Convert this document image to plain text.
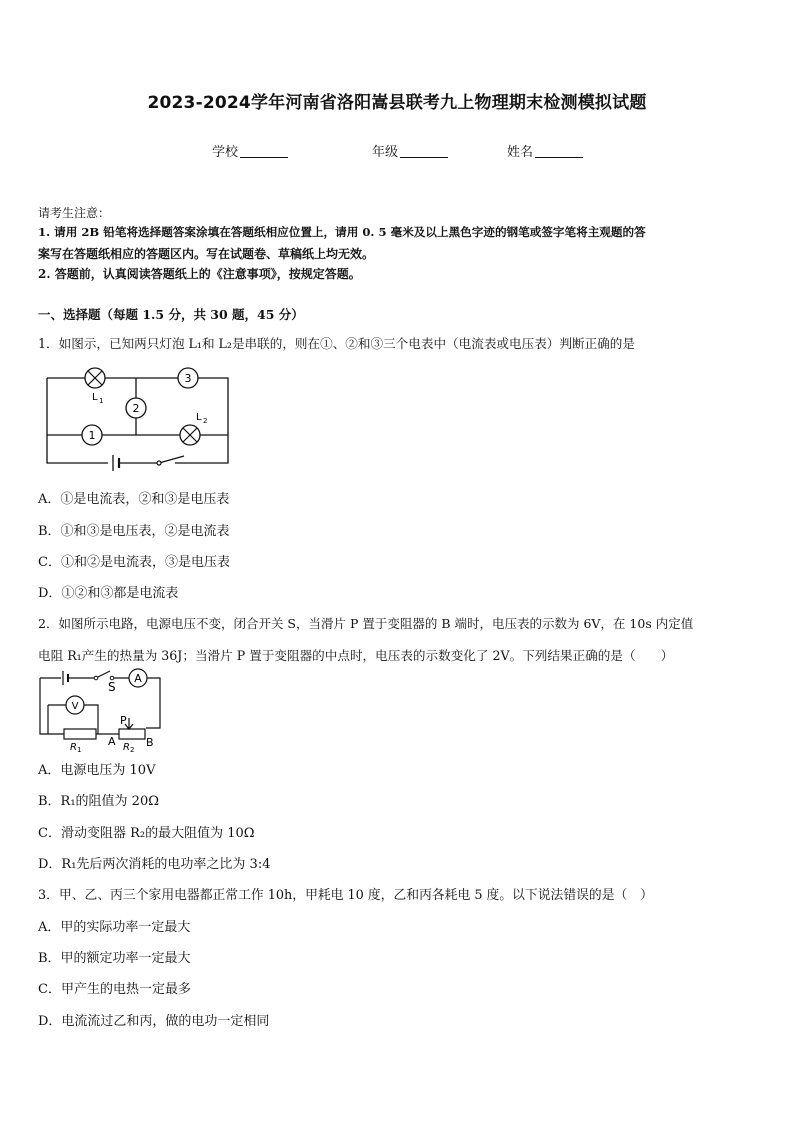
2023-2024学年河南省洛阳嵩县联考九上物理期末检测模拟试题
学校	年级	姓名
请考生注意：
1. 请用 2B 铅笔将选择题答案涂填在答题纸相应位置上，请用 0. 5 毫米及以上黑色字迹的钢笔或签字笔将主观题的答
案写在答题纸相应的答题区内。写在试题卷、草稿纸上均无效。
2. 答题前，认真阅读答题纸上的《注意事项》，按规定答题。
一、选择题（每题 1.5 分，共 30 题，45 分）
1．如图示，已知两只灯泡 L₁和 L₂是串联的，则在①、②和③三个电表中（电流表或电压表）判断正确的是
3
2
1
L 1
L 2
A．①是电流表，②和③是电压表
B．①和③是电压表，②是电流表
C．①和②是电流表，③是电压表
D．①②和③都是电流表
2．如图所示电路，电源电压不变，闭合开关 S，当滑片 P 置于变阻器的 B 端时，电压表的示数为 6V，在 10s 内定值
电阻 R₁产生的热量为 36J；当滑片 P 置于变阻器的中点时，电压表的示数变化了 2V。下列结果正确的是（　　）
A
V
S
P
R 1	R 2
A	B
A．电源电压为 10V
B．R₁的阻值为 20Ω
C．滑动变阻器 R₂的最大阻值为 10Ω
D．R₁先后两次消耗的电功率之比为 3:4
3．甲、乙、丙三个家用电器都正常工作 10h，甲耗电 10 度，乙和丙各耗电 5 度。以下说法错误的是（　）
A．甲的实际功率一定最大
B．甲的额定功率一定最大
C．甲产生的电热一定最多
D．电流流过乙和丙，做的电功一定相同
